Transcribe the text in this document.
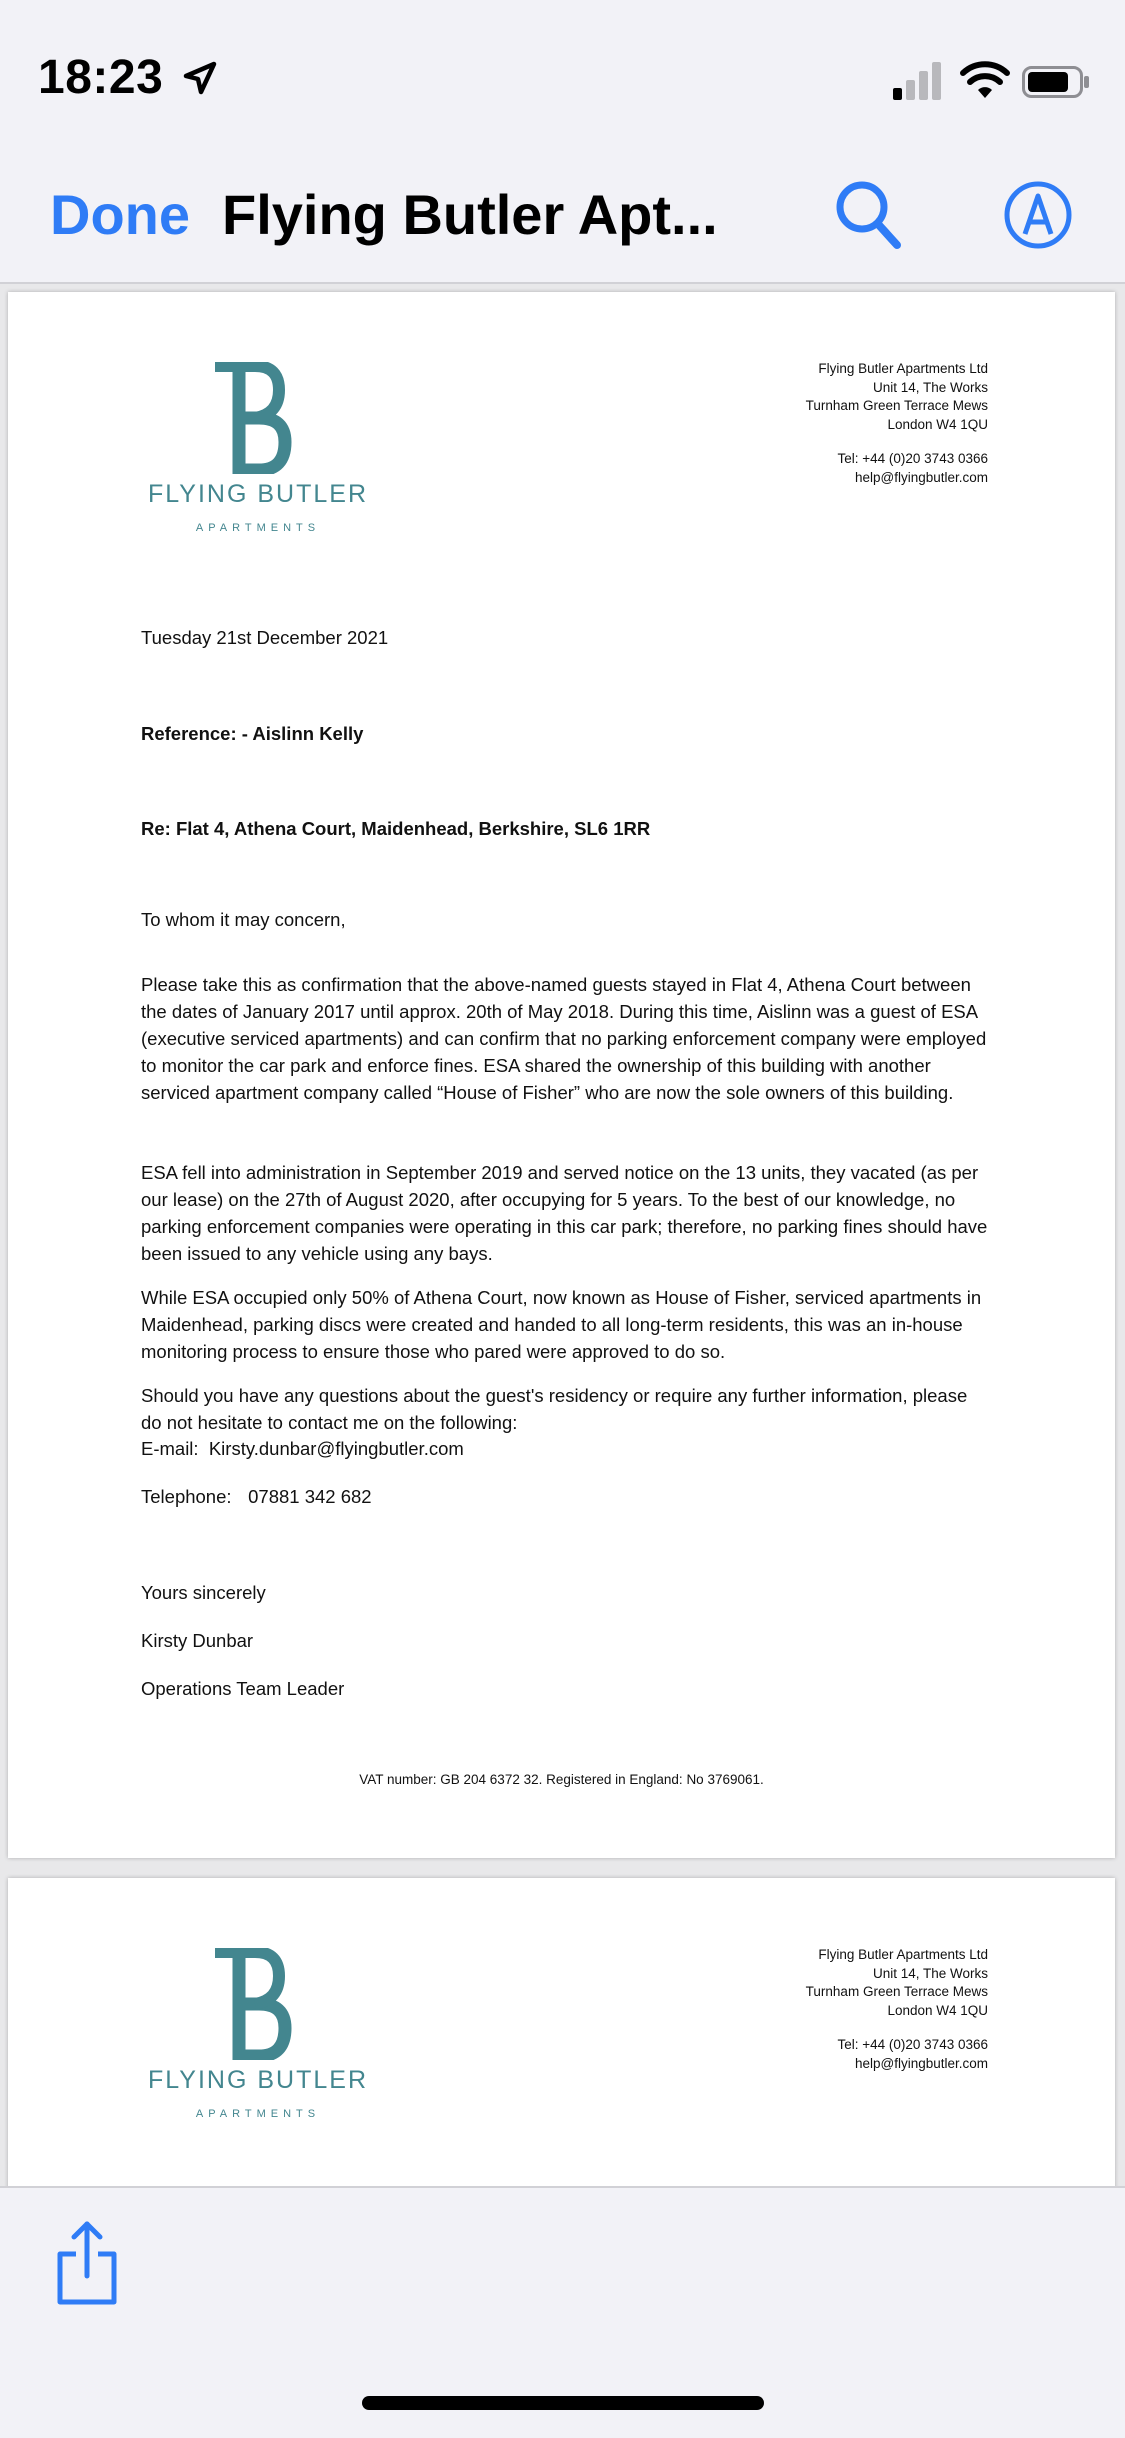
18:23
Done Flying Butler Apt...
FLYING BUTLER
APARTMENTS
Flying Butler Apartments Ltd
Unit 14, The Works
Turnham Green Terrace Mews
London W4 1QU
Tel: +44 (0)20 3743 0366
help@flyingbutler.com
Tuesday 21st December 2021
Reference: - Aislinn Kelly
Re: Flat 4, Athena Court, Maidenhead, Berkshire, SL6 1RR
To whom it may concern,

Please take this as confirmation that the above-named guests stayed in Flat 4, Athena Court between the dates of January 2017 until approx. 20th of May 2018. During this time, Aislinn was a guest of ESA (executive serviced apartments) and can confirm that no parking enforcement company were employed to monitor the car park and enforce fines. ESA shared the ownership of this building with another serviced apartment company called “House of Fisher” who are now the sole owners of this building.

ESA fell into administration in September 2019 and served notice on the 13 units, they vacated (as per our lease) on the 27th of August 2020, after occupying for 5 years. To the best of our knowledge, no parking enforcement companies were operating in this car park; therefore, no parking fines should have been issued to any vehicle using any bays.

While ESA occupied only 50% of Athena Court, now known as House of Fisher, serviced apartments in Maidenhead, parking discs were created and handed to all long-term residents, this was an in-house monitoring process to ensure those who pared were approved to do so.

Should you have any questions about the guest's residency or require any further information, please do not hesitate to contact me on the following:

E-mail: Kirsty.dunbar@flyingbutler.com
Telephone: 07881 342 682
Yours sincerely
Kirsty Dunbar
Operations Team Leader
VAT number: GB 204 6372 32. Registered in England: No 3769061.
FLYING BUTLER
APARTMENTS
Flying Butler Apartments Ltd
Unit 14, The Works
Turnham Green Terrace Mews
London W4 1QU
Tel: +44 (0)20 3743 0366
help@flyingbutler.com
